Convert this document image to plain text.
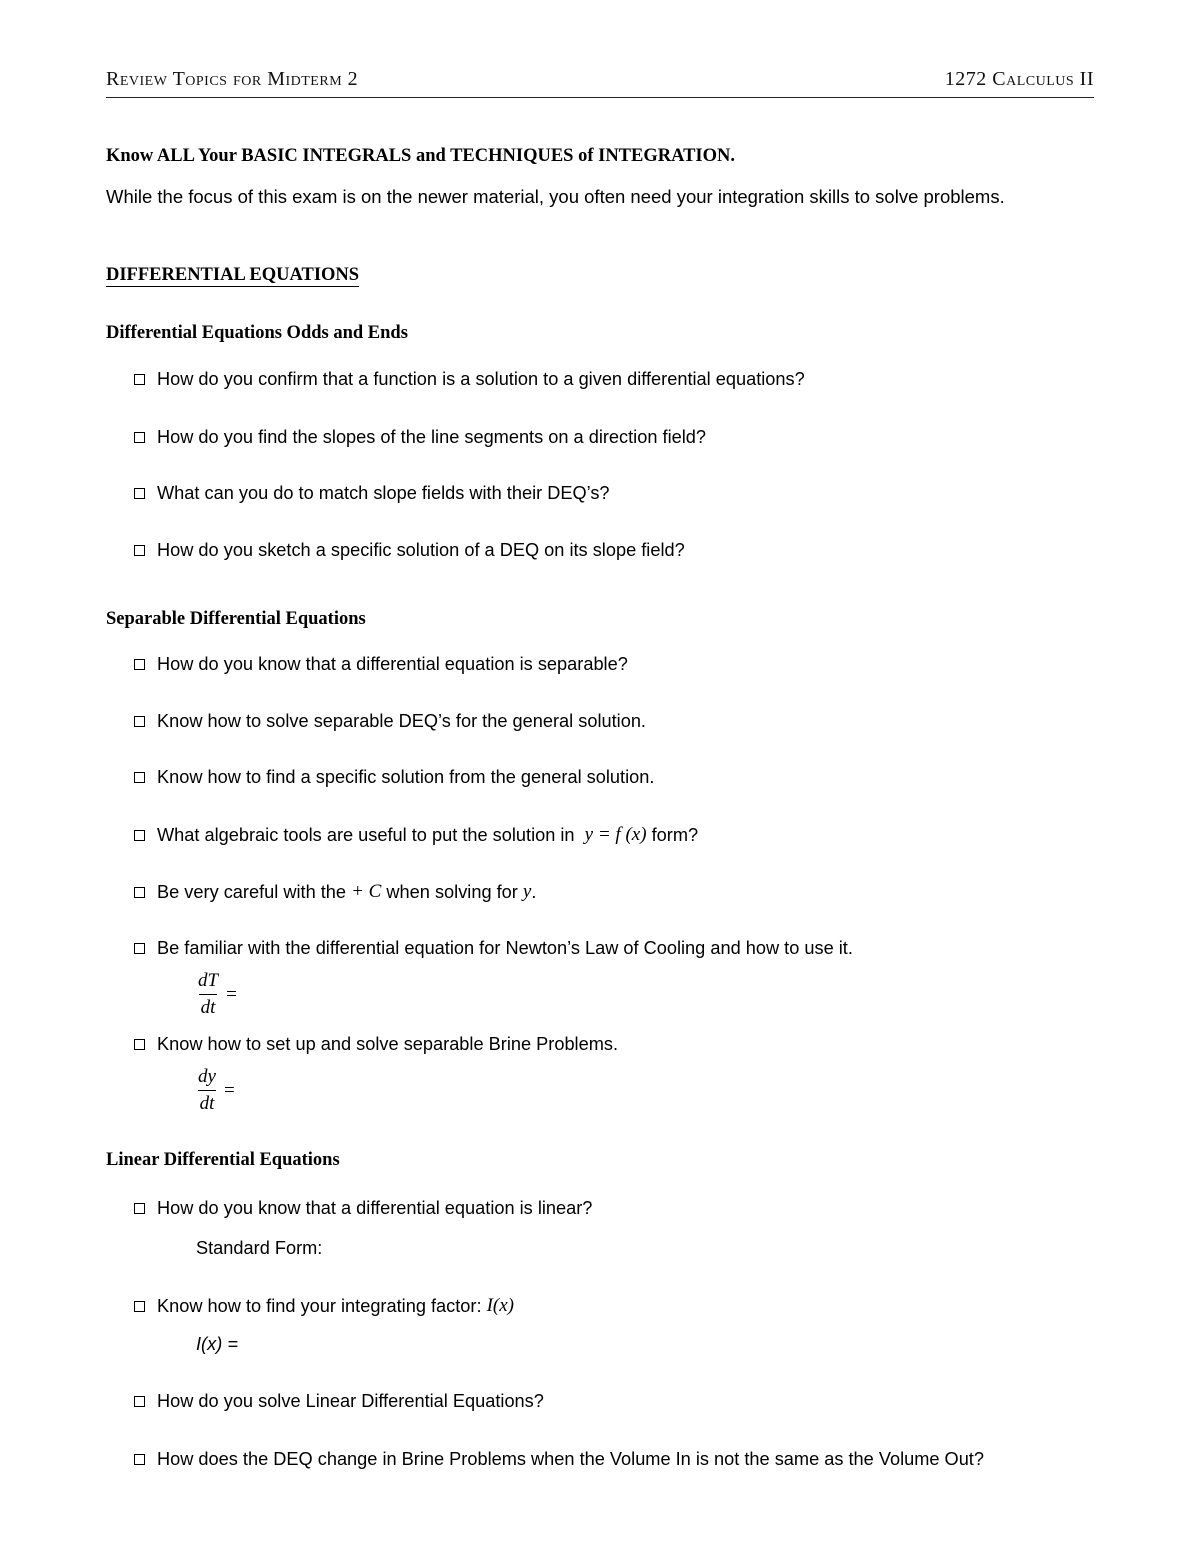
Review Topics for Midterm 2	1272 Calculus II
Know ALL Your BASIC INTEGRALS and TECHNIQUES of INTEGRATION.
While the focus of this exam is on the newer material, you often need your integration skills to solve problems.
DIFFERENTIAL EQUATIONS
Differential Equations Odds and Ends
How do you confirm that a function is a solution to a given differential equations?
How do you find the slopes of the line segments on a direction field?
What can you do to match slope fields with their DEQ’s?
How do you sketch a specific solution of a DEQ on its slope field?
Separable Differential Equations
How do you know that a differential equation is separable?
Know how to solve separable DEQ’s for the general solution.
Know how to find a specific solution from the general solution.
What algebraic tools are useful to put the solution in
y = f (x)
form?
Be very careful with the
+ C
when solving for
y .
Be familiar with the differential equation for Newton’s Law of Cooling and how to use it.
$\frac{dT}{dt}$ =
Know how to set up and solve separable Brine Problems.
$\frac{dy}{dt}$ =
Linear Differential Equations
How do you know that a differential equation is linear?
Standard Form:
Know how to find your integrating factor:
I(x)
I(x) =
How do you solve Linear Differential Equations?
How does the DEQ change in Brine Problems when the Volume In is not the same as the Volume Out?
